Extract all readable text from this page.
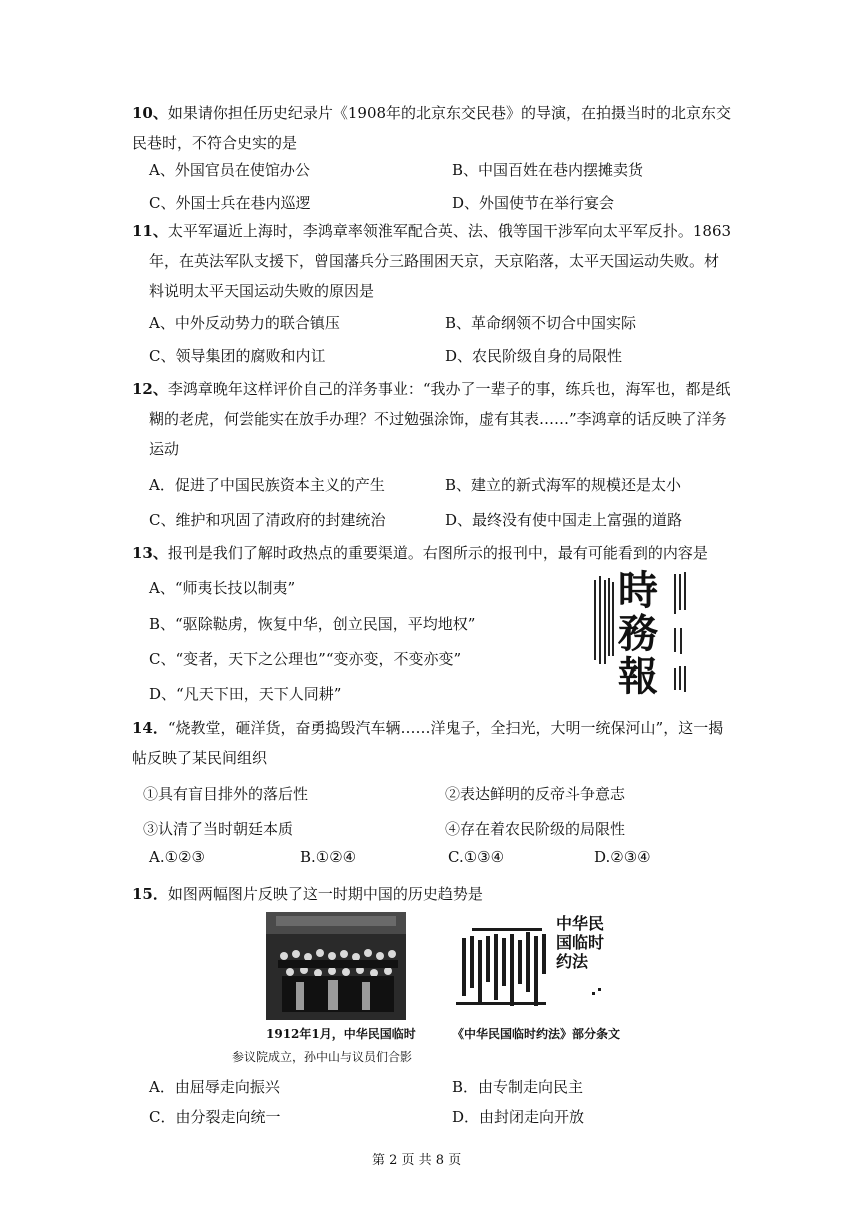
10、如果请你担任历史纪录片《1908年的北京东交民巷》的导演，在拍摄当时的北京东交
民巷时，不符合史实的是
A、外国官员在使馆办公	B、中国百姓在巷内摆摊卖货
C、外国士兵在巷内巡逻	D、外国使节在举行宴会
11、太平军逼近上海时，李鸿章率领淮军配合英、法、俄等国干涉军向太平军反扑。1863
年，在英法军队支援下，曾国藩兵分三路围困天京，天京陷落，太平天国运动失败。材
料说明太平天国运动失败的原因是
A、中外反动势力的联合镇压	B、革命纲领不切合中国实际
C、领导集团的腐败和内讧	D、农民阶级自身的局限性
12、李鸿章晚年这样评价自己的洋务事业：“我办了一辈子的事，练兵也，海军也，都是纸
糊的老虎，何尝能实在放手办理？不过勉强涂饰，虚有其表……”李鸿章的话反映了洋务
运动
A．促进了中国民族资本主义的产生	B、建立的新式海军的规模还是太小
C、维护和巩固了清政府的封建统治	D、最终没有使中国走上富强的道路
13、报刊是我们了解时政热点的重要渠道。右图所示的报刊中，最有可能看到的内容是
A、“师夷长技以制夷”
B、“驱除鞑虏，恢复中华，创立民国，平均地权”
C、“变者，天下之公理也”“变亦变，不变亦变”
D、“凡天下田，天下人同耕”
時
務
報
14．“烧教堂，砸洋货，奋勇捣毁汽车辆……洋鬼子，全扫光，大明一统保河山”，这一揭
帖反映了某民间组织
①具有盲目排外的落后性	②表达鲜明的反帝斗争意志
③认清了当时朝廷本质	④存在着农民阶级的局限性
A.①②③	B.①②④	C.①③④	D.②③④
15．如图两幅图片反映了这一时期中国的历史趋势是
中华民国临时约法
1912年1月，中华民国临时
参议院成立，孙中山与议员们合影
《中华民国临时约法》部分条文
A．由屈辱走向振兴	B．由专制走向民主
C．由分裂走向统一	D．由封闭走向开放
第 2 页 共 8 页
